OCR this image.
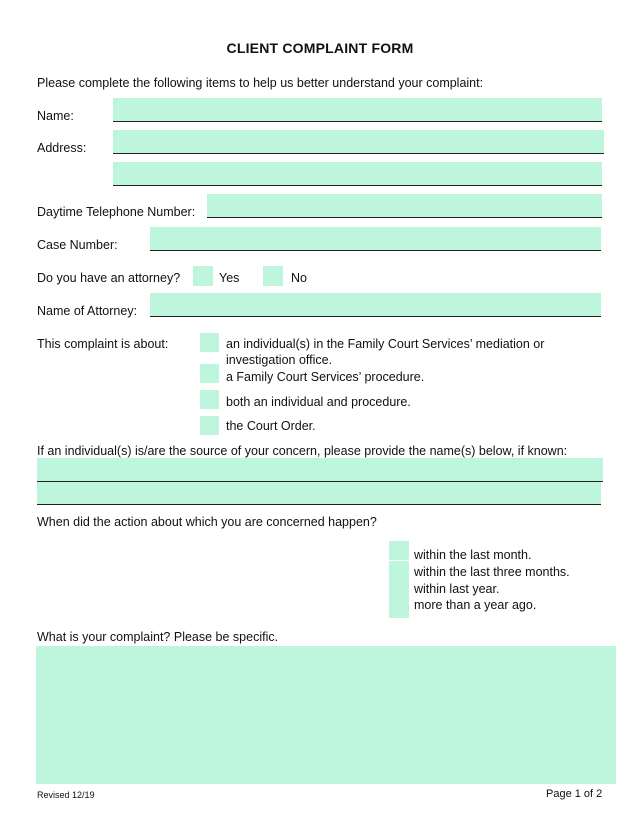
CLIENT COMPLAINT FORM
Please complete the following items to help us better understand your complaint:
Name:
Address:
Daytime Telephone Number:
Case Number:
Do you have an attorney?	Yes	No
Name of Attorney:
This complaint is about:	an individual(s) in the Family Court Services’ mediation or
investigation office.
a Family Court Services’ procedure.
both an individual and procedure.
the Court Order.
If an individual(s) is/are the source of your concern, please provide the name(s) below, if known:
When did the action about which you are concerned happen?
within the last month.
within the last three months.
within last year.
more than a year ago.
What is your complaint? Please be specific.
Revised 12/19	Page 1 of 2
